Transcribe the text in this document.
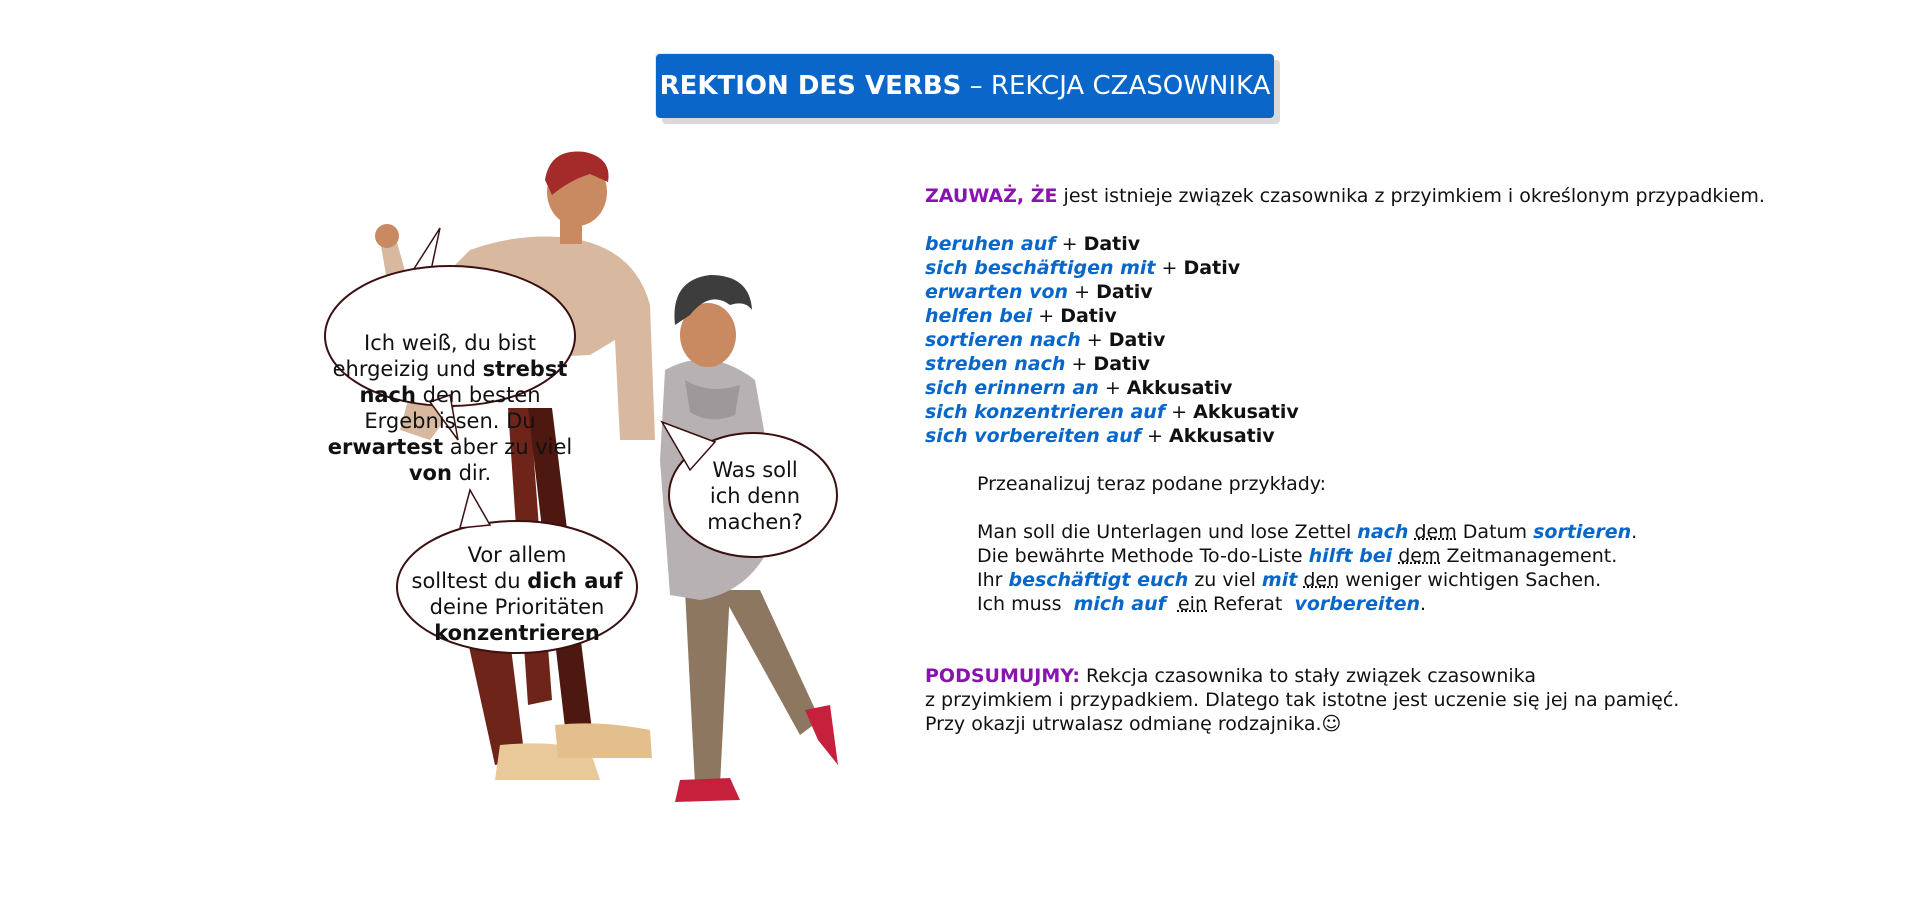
REKTION DES VERBS – REKCJA CZASOWNIKA
Ich weiß, du bist
ehrgeizig und strebst
nach den besten
Ergebnissen. Du
erwartest aber zu viel
von dir.
Vor allem
solltest du dich auf
deine Prioritäten
konzentrieren
Was soll
ich denn
machen?
ZAUWAŻ, ŻE jest istnieje związek czasownika z przyimkiem i określonym przypadkiem.
beruhen auf + Dativ
sich beschäftigen mit + Dativ
erwarten von + Dativ
helfen bei + Dativ
sortieren nach + Dativ
streben nach + Dativ
sich erinnern an + Akkusativ
sich konzentrieren auf + Akkusativ
sich vorbereiten auf + Akkusativ
Przeanalizuj teraz podane przykłady:
Man soll die Unterlagen und lose Zettel nach dem Datum sortieren.
Die bewährte Methode To-do-Liste hilft bei dem Zeitmanagement.
Ihr beschäftigt euch zu viel mit den weniger wichtigen Sachen.
Ich muss  mich auf ein Referat  vorbereiten.
PODSUMUJMY: Rekcja czasownika to stały związek czasownika
z przyimkiem i przypadkiem. Dlatego tak istotne jest uczenie się jej na pamięć.
Przy okazji utrwalasz odmianę rodzajnika.☺
